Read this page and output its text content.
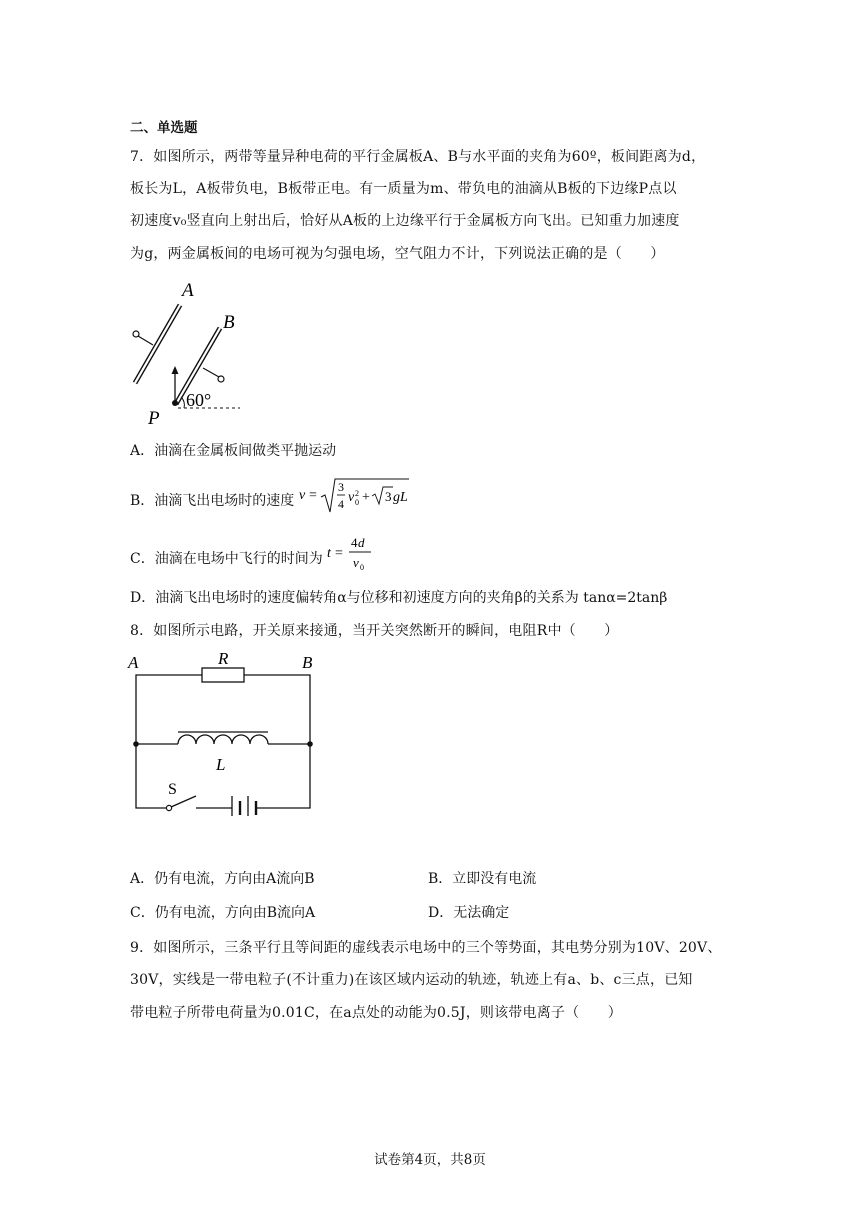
二、单选题
7．如图所示，两带等量异种电荷的平行金属板A、B与水平面的夹角为60º，板间距离为d，
板长为L，A板带负电，B板带正电。有一质量为m、带负电的油滴从B板的下边缘P点以
初速度v₀竖直向上射出后，恰好从A板的上边缘平行于金属板方向飞出。已知重力加速度
为g，两金属板间的电场可视为匀强电场，空气阻力不计，下列说法正确的是（　　）
A
B
60°
P
A．油滴在金属板间做类平抛运动
B．油滴飞出电场时的速度 v =
3
4 v 2
0 + 3 gL
C．油滴在电场中飞行的时间为 t =
4 d
v 0
D．油滴飞出电场时的速度偏转角α与位移和初速度方向的夹角β的关系为 tanα=2tanβ
8．如图所示电路，开关原来接通，当开关突然断开的瞬间，电阻R中（　　）
A	B
R
L
S
A．仍有电流，方向由A流向B	B．立即没有电流
C．仍有电流，方向由B流向A	D．无法确定
9．如图所示，三条平行且等间距的虚线表示电场中的三个等势面，其电势分别为10V、20V、
30V，实线是一带电粒子(不计重力)在该区域内运动的轨迹，轨迹上有a、b、c三点，已知
带电粒子所带电荷量为0.01C，在a点处的动能为0.5J，则该带电离子（　　）
试卷第4页，共8页
